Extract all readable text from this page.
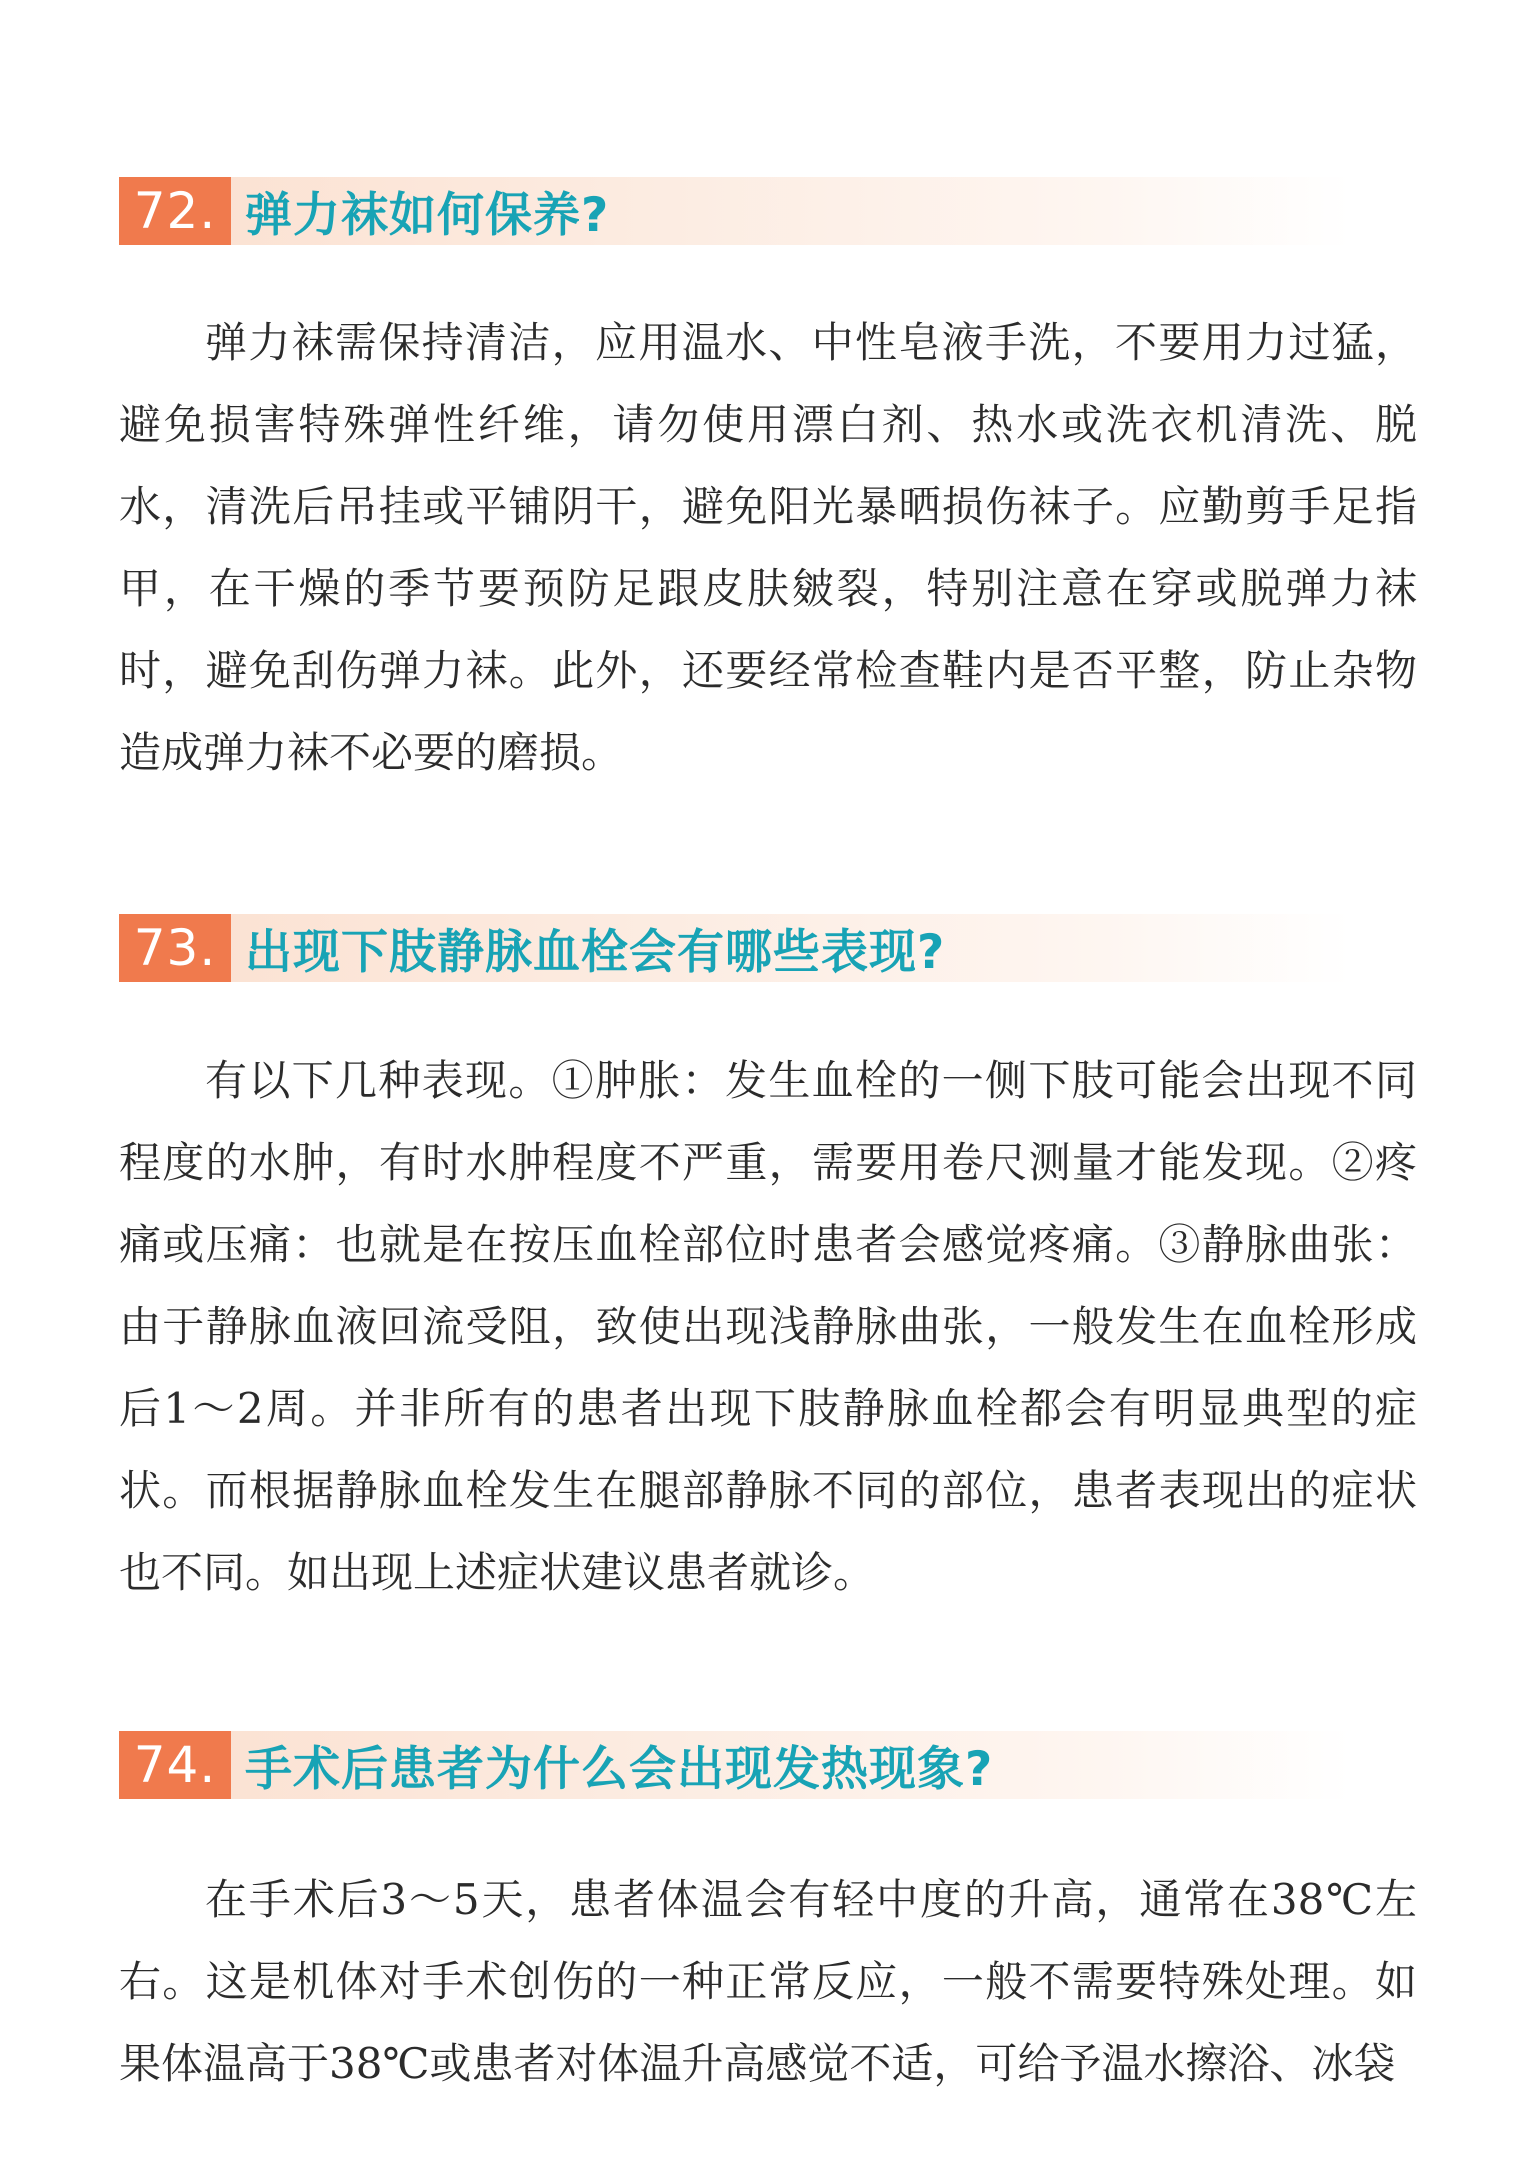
72. 弹力袜如何保养?

弹力袜需保持清洁，应用温水、中性皂液手洗，不要用力过猛，避免损害特殊弹性纤维，请勿使用漂白剂、热水或洗衣机清洗、脱水，清洗后吊挂或平铺阴干，避免阳光暴晒损伤袜子。应勤剪手足指甲，在干燥的季节要预防足跟皮肤皴裂，特别注意在穿或脱弹力袜时，避免刮伤弹力袜。此外，还要经常检查鞋内是否平整，防止杂物造成弹力袜不必要的磨损。

73. 出现下肢静脉血栓会有哪些表现?

有以下几种表现。①肿胀：发生血栓的一侧下肢可能会出现不同程度的水肿，有时水肿程度不严重，需要用卷尺测量才能发现。②疼痛或压痛：也就是在按压血栓部位时患者会感觉疼痛。③静脉曲张：由于静脉血液回流受阻，致使出现浅静脉曲张，一般发生在血栓形成后1～2周。并非所有的患者出现下肢静脉血栓都会有明显典型的症状。而根据静脉血栓发生在腿部静脉不同的部位，患者表现出的症状也不同。如出现上述症状建议患者就诊。

74. 手术后患者为什么会出现发热现象?

在手术后3～5天，患者体温会有轻中度的升高，通常在38℃左右。这是机体对手术创伤的一种正常反应，一般不需要特殊处理。如果体温高于38℃或患者对体温升高感觉不适，可给予温水擦浴、冰袋
